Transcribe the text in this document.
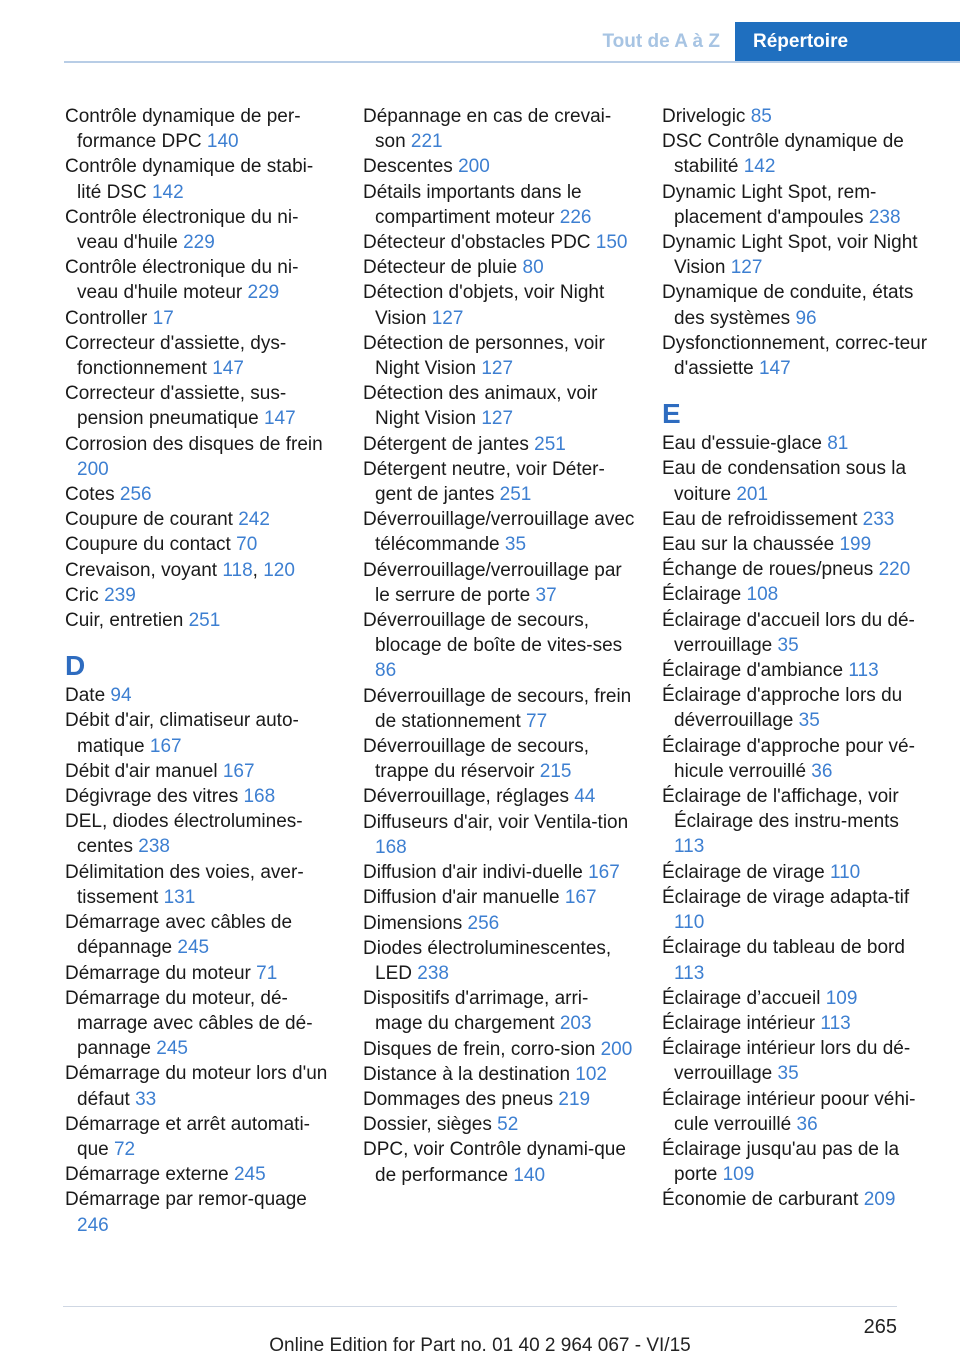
Tout de A à Z	Répertoire
Contrôle dynamique de per-formance DPC 140
Contrôle dynamique de stabi-lité DSC 142
Contrôle électronique du ni-veau d'huile 229
Contrôle électronique du ni-veau d'huile moteur 229
Controller 17
Correcteur d'assiette, dys-fonctionnement 147
Correcteur d'assiette, sus-pension pneumatique 147
Corrosion des disques de frein 200
Cotes 256
Coupure de courant 242
Coupure du contact 70
Crevaison, voyant 118, 120
Cric 239
Cuir, entretien 251
D
Date 94
Débit d'air, climatiseur auto-matique 167
Débit d'air manuel 167
Dégivrage des vitres 168
DEL, diodes électrolumines-centes 238
Délimitation des voies, aver-tissement 131
Démarrage avec câbles de dépannage 245
Démarrage du moteur 71
Démarrage du moteur, dé-marrage avec câbles de dé-pannage 245
Démarrage du moteur lors d'un défaut 33
Démarrage et arrêt automati-que 72
Démarrage externe 245
Démarrage par remor-quage 246
Dépannage en cas de crevai-son 221
Descentes 200
Détails importants dans le compartiment moteur 226
Détecteur d'obstacles PDC 150
Détecteur de pluie 80
Détection d'objets, voir Night Vision 127
Détection de personnes, voir Night Vision 127
Détection des animaux, voir Night Vision 127
Détergent de jantes 251
Détergent neutre, voir Déter-gent de jantes 251
Déverrouillage/verrouillage avec télécommande 35
Déverrouillage/verrouillage par le serrure de porte 37
Déverrouillage de secours, blocage de boîte de vites-ses 86
Déverrouillage de secours, frein de stationnement 77
Déverrouillage de secours, trappe du réservoir 215
Déverrouillage, réglages 44
Diffuseurs d'air, voir Ventila-tion 168
Diffusion d'air indivi-duelle 167
Diffusion d'air manuelle 167
Dimensions 256
Diodes électroluminescentes, LED 238
Dispositifs d'arrimage, arri-mage du chargement 203
Disques de frein, corro-sion 200
Distance à la destination 102
Dommages des pneus 219
Dossier, sièges 52
DPC, voir Contrôle dynami-que de performance 140
Drivelogic 85
DSC Contrôle dynamique de stabilité 142
Dynamic Light Spot, rem-placement d'ampoules 238
Dynamic Light Spot, voir Night Vision 127
Dynamique de conduite, états des systèmes 96
Dysfonctionnement, correc-teur d'assiette 147
E
Eau d'essuie-glace 81
Eau de condensation sous la voiture 201
Eau de refroidissement 233
Eau sur la chaussée 199
Échange de roues/pneus 220
Éclairage 108
Éclairage d'accueil lors du dé-verrouillage 35
Éclairage d'ambiance 113
Éclairage d'approche lors du déverrouillage 35
Éclairage d'approche pour vé-hicule verrouillé 36
Éclairage de l'affichage, voir Éclairage des instru-ments 113
Éclairage de virage 110
Éclairage de virage adapta-tif 110
Éclairage du tableau de bord 113
Éclairage d’accueil 109
Éclairage intérieur 113
Éclairage intérieur lors du dé-verrouillage 35
Éclairage intérieur poour véhi-cule verrouillé 36
Éclairage jusqu'au pas de la porte 109
Économie de carburant 209
265
Online Edition for Part no. 01 40 2 964 067 - VI/15
